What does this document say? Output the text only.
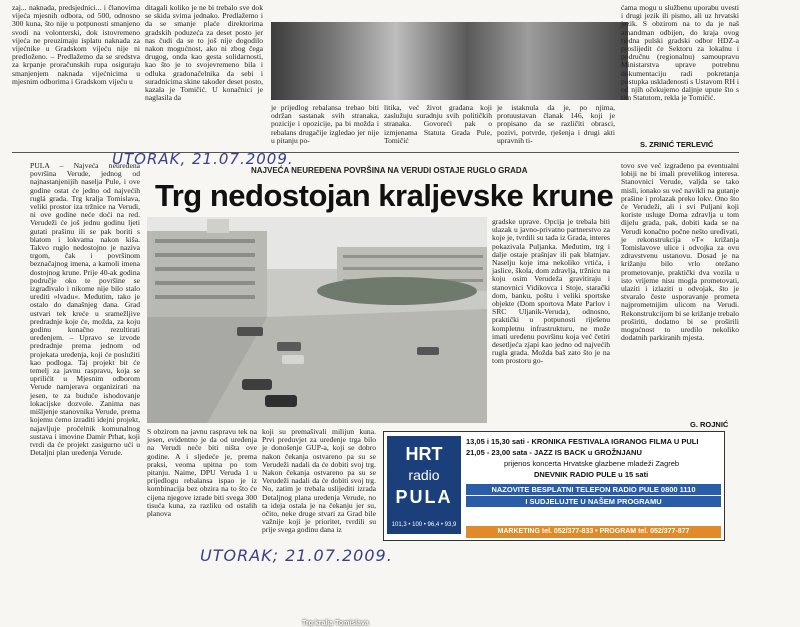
zaj... naknada, predsjednici... i članovima vijeća mjesnih odbora, od 500, odnosno 300 kuna, što nije u potpunosti smanjeno svodi na volonterski, dok istovremeno vijeća ne preuzimaju isplatu naknada za vijećnike u Gradskom vijeću nije ni predloženo. – Predlažemo da se sredstva za krpanje proračunskih rupa osiguraju smanjenjem naknada vijećnicima u mjesnim odborima i Gradskom vijeću u

ditagali koliko je ne bi trebalo sve dok se skida svima jednako. Predlažemo i da se smanje plaće direktorima gradskih poduzeća za deset posto jer nas čudi da se to još nije dogodilo nakon mogućnost, ako ni zbog čega drugog, onda kao gesta solidarnosti, kao što je to svojevremeno bila i odluka gradonačelnika da sebi i suradnicima skine također deset posto, kazala je Tomičić. U konačnici je naglasila da

je prijedlog rebalansa trebao biti održan sastanak svih stranaka, pozicije i opozicije, pa bi možda i rebalans drugačije izgledao jer nije u pitanju po-

litika, već život građana koji zaslužuju suradnju svih političkih stranaka. Govoreći pak o izmjenama Statuta Grada Pule, Tomičić

je istaknula da je, po njima, protuustavan članak 146, koji je propisano da se različiti obrasci, pozivi, potvrde, rješenja i drugi akti upravnih ti-

ćama mogu u službenu uporabu uvesti i drugi jezik ili pismo, ali uz hrvatski jezik. S obzirom na to da je naš amandman odbijen, do kraja ovog tjedna pulski gradski odbor HDZ-a proslijedit će Sektoru za lokalnu i područnu (regionalnu) samoupravu Ministarstva uprave potrebnu dokumentaciju radi pokretanja postupka usklađenosti s Ustavom RH i od njih očekujemo daljnje upute što s tim Statutom, rekla je Tomičić.

S. ZRINIĆ TERLEVIĆ
UTORAK, 21.07.2009.
NAJVEĆA NEUREĐENA POVRŠINA NA VERUDI OSTAJE RUGLO GRADA
Trg nedostojan kraljevske krune

PULA – Najveća neuređena površina Verude, jednog od najnastanjenijih naselja Pule, i ove godine ostat će jedno od najvećih ruglá grada. Trg kralja Tomislava, veliki prostor iza tržnice na Verudi, ni ove godine neće doći na red. Verudeži će još jednu godinu ljeti gutati prašinu ili se pak boriti s blatom i lokvama nakon kiša. Takvo ruglo nedostojno je naziva trgom, čak i površinom beznačajnog imena, a kamoli imena dostojnog krune. Prije 40-ak godina područje oko te površine se izgrađivalo i nikome nije bilo stalo urediti »lvadu«. Međutim, tako je ostalo do današnjeg dana. Grad ustvari tek kreće u sramežljive predradnje koje će, možda, za koju godinu konačno rezultirati uređenjem. – Upravo se izvode predradnje prema jednom od projekata uređenja, koji će poslužiti kao podloga. Taj projekt bit će temelj za javnu raspravu, koja se uprilićit u Mjesnim odborom Verude namjerava organizirati na jesen, te za buduće ishodovanje lokacijske dozvole. Zanima nas mišljenje stanovnika Verude, prema kojemu ćemo izraditi idejni projekt, najavljuje pročelnik komunalnog sustava i imovine Damir Prhat, koji tvrdi da će projekt zasigurno ući u Detaljni plan uređenja Verude.

Trg kralja Tomislava

gradske uprave. Opcija je trebala biti ulazak u javno-privatno partnerstvo za koje je, tvrdili su tada iz Grada, interes pokazivala Puljanka. Međutim, trg i dalje ostaje prašnjav ili pak blatnjav. Naselju koje ima nekoliko vrtića, i jaslice, škola, dom zdravlja, tržnicu na koju osim Verudeža gravitiraju i stanovnici Vidikovca i Stoje, starački dom, banku, poštu i veliki sportske objekte (Dom sportova Mate Parlov i SRC Uljanik-Veruda), odnosno, praktički u potpunosti riješenu kompletnu infrastrukturu, ne može imati uređenu površinu koja već četiri desetljeća zjapi kao jedno od najvećih rugla grada. Možda baš zato što je na tom prostoru go-

tovo sve već izgrađeno pa eventualni lobiji ne bi imali prevelikog interesa. Stanovnici Verude, valjda se tako misli, ionako su već navikli na gutanje prašine i prolazak preko lokv. Ono što će Verudeži, ali i svi Puljani koji koriste usluge Doma zdravlja u tom dijelu grada, pak, dobiti kada se na Verudi konačno počne nešto uređivati, je rekonstrukcija »T« križanja Tomislavove ulice i odvojka za ovu zdravstvenu ustanovu. Dosad je na križanju bilo vrlo otežano prometovanje, praktički dva vozila u isto vrijeme nisu mogla prometovati, ulaziti i izlaziti u odvojak, što je stvaralo česte usporavanje prometa najprometnijim ulicom na Verudi. Rekonstrukcijom bi se križanje trebalo proširiti, dodatno bi se proširili mogućnost to uredilo nekoliko dodatnih parkiranih mjesta.

G. ROJNIĆ

S obzirom na javnu raspravu tek na jesen, evidentno je da od uređenja na Verudi neće biti ništa ove godine. A i sljedeće je, prema praksi, veoma upitna po tom pitanju. Naime, DPU Veruda 1 u prijedlogu rebalansa ispao je iz kombinacija bez obzira na to što će cijena njegove izrade biti svega 300 tisuća kuna, za razliku od ostalih planova

koji su premašivali milijun kuna. Prvi preduvjet za uređenje trga bilo je donošenje GUP-a, koji se dobro nakon čekanja ostvareno pa su se Verudeži nadali da će dobiti svoj trg. Nakon čekanja ostvareno pa su se Verudeži nadali da će dobiti svoj trg. No, zatim je trebala uslijediti izrada Detaljnog plana uređenja Verude, no ta ideja ostala je na čekanju jer su, očito, neke druge stvari za Grad bile važnije koji je prioritet, tvrdili su prije svega godinu dana iz

HRT
radio
PULA
101,3 • 100 • 96,4 • 93,9
13,05 i 15,30 sati - KRONIKA FESTIVALA IGRANOG FILMA U PULI
21,05 - 23,00 sata - JAZZ IS BACK u GROŽNJANU
prijenos koncerta Hrvatske glazbene mladeži Zagreb
DNEVNIK RADIO PULE u 15 sati
NAZOVITE BESPLATNI TELEFON RADIO PULE 0800 1110
I SUDJELUJTE U NAŠEM PROGRAMU
MARKETING tel. 052/377-833 • PROGRAM tel. 052/377-877
UTORAK; 21.07.2009.
